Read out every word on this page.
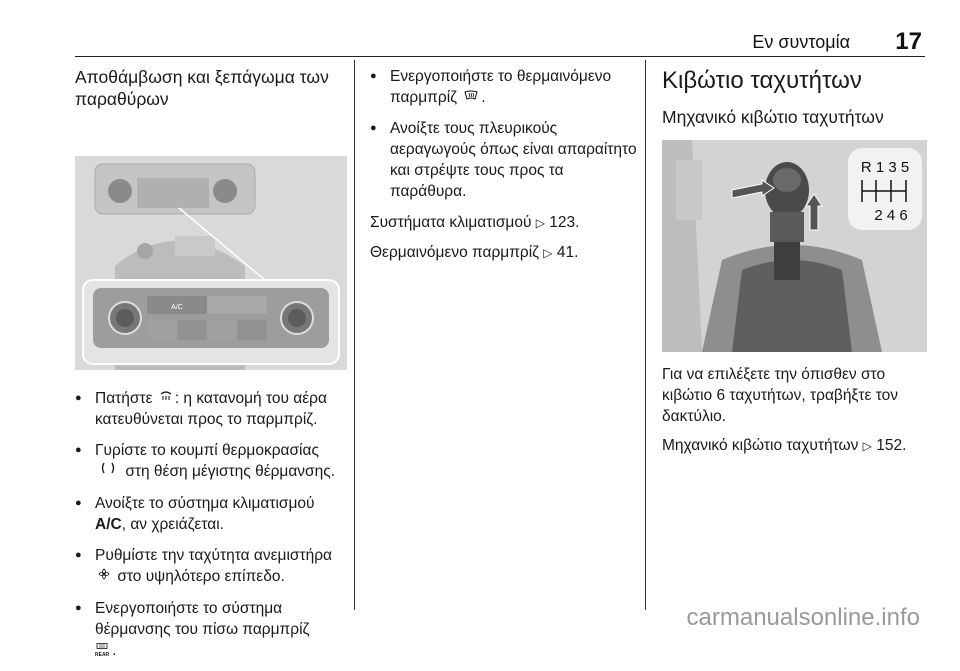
Εν συντομία 17
Αποθάμβωση και ξεπάγωμα των παραθύρων
A/C
● Πατήστε : η κατανομή του αέρα κατευθύνεται προς το παρμπρίζ.
● Γυρίστε το κουμπί θερμοκρασίας  στη θέση μέγιστης θέρμανσης.
● Ανοίξτε το σύστημα κλιματισμού A/C, αν χρειάζεται.
● Ρυθμίστε την ταχύτητα ανεμιστήρα  στο υψηλότερο επίπεδο.
● Ενεργοποιήστε το σύστημα θέρμανσης του πίσω παρμπρίζ

REAR .
● Ενεργοποιήστε το θερμαινόμενο παρμπρίζ .
● Ανοίξτε τους πλευρικούς αεραγωγούς όπως είναι απαραίτητο και στρέψτε τους προς τα παράθυρα.

Συστήματα κλιματισμού ▷ 123.

Θερμαινόμενο παρμπρίζ ▷ 41.

Κιβώτιο ταχυτήτων
Μηχανικό κιβώτιο ταχυτήτων
R 1 3 5
2 4 6

Για να επιλέξετε την όπισθεν στο κιβώτιο 6 ταχυτήτων, τραβήξτε τον δακτύλιο.

Μηχανικό κιβώτιο ταχυτήτων ▷ 152.

carmanualsonline.info
